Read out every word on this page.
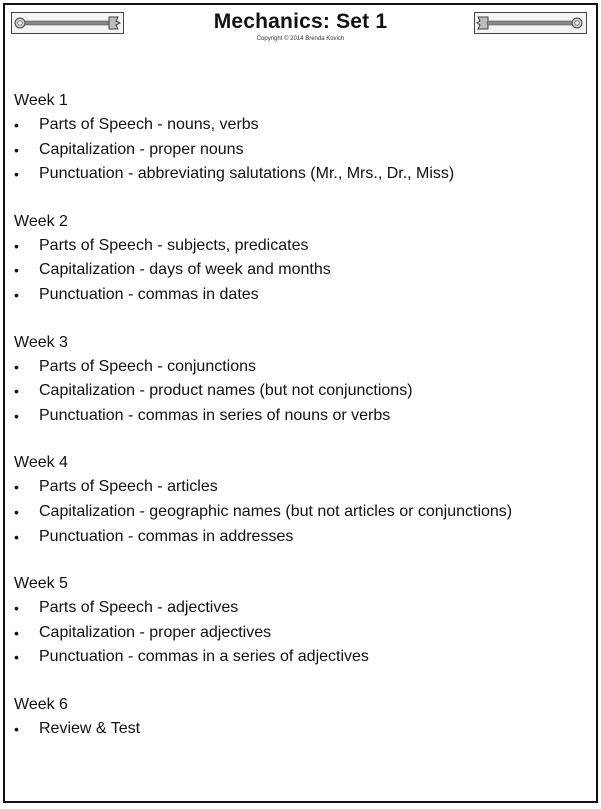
Mechanics: Set 1
Copyright © 2014 Brenda Kovich
Week 1
•	Parts of Speech - nouns, verbs
•	Capitalization - proper nouns
•	Punctuation - abbreviating salutations (Mr., Mrs., Dr., Miss)
Week 2
•	Parts of Speech - subjects, predicates
•	Capitalization - days of week and months
•	Punctuation - commas in dates
Week 3
•	Parts of Speech - conjunctions
•	Capitalization - product names (but not conjunctions)
•	Punctuation - commas in series of nouns or verbs
Week 4
•	Parts of Speech - articles
•	Capitalization - geographic names (but not articles or conjunctions)
•	Punctuation - commas in addresses
Week 5
•	Parts of Speech - adjectives
•	Capitalization - proper adjectives
•	Punctuation - commas in a series of adjectives
Week 6
•	Review & Test
